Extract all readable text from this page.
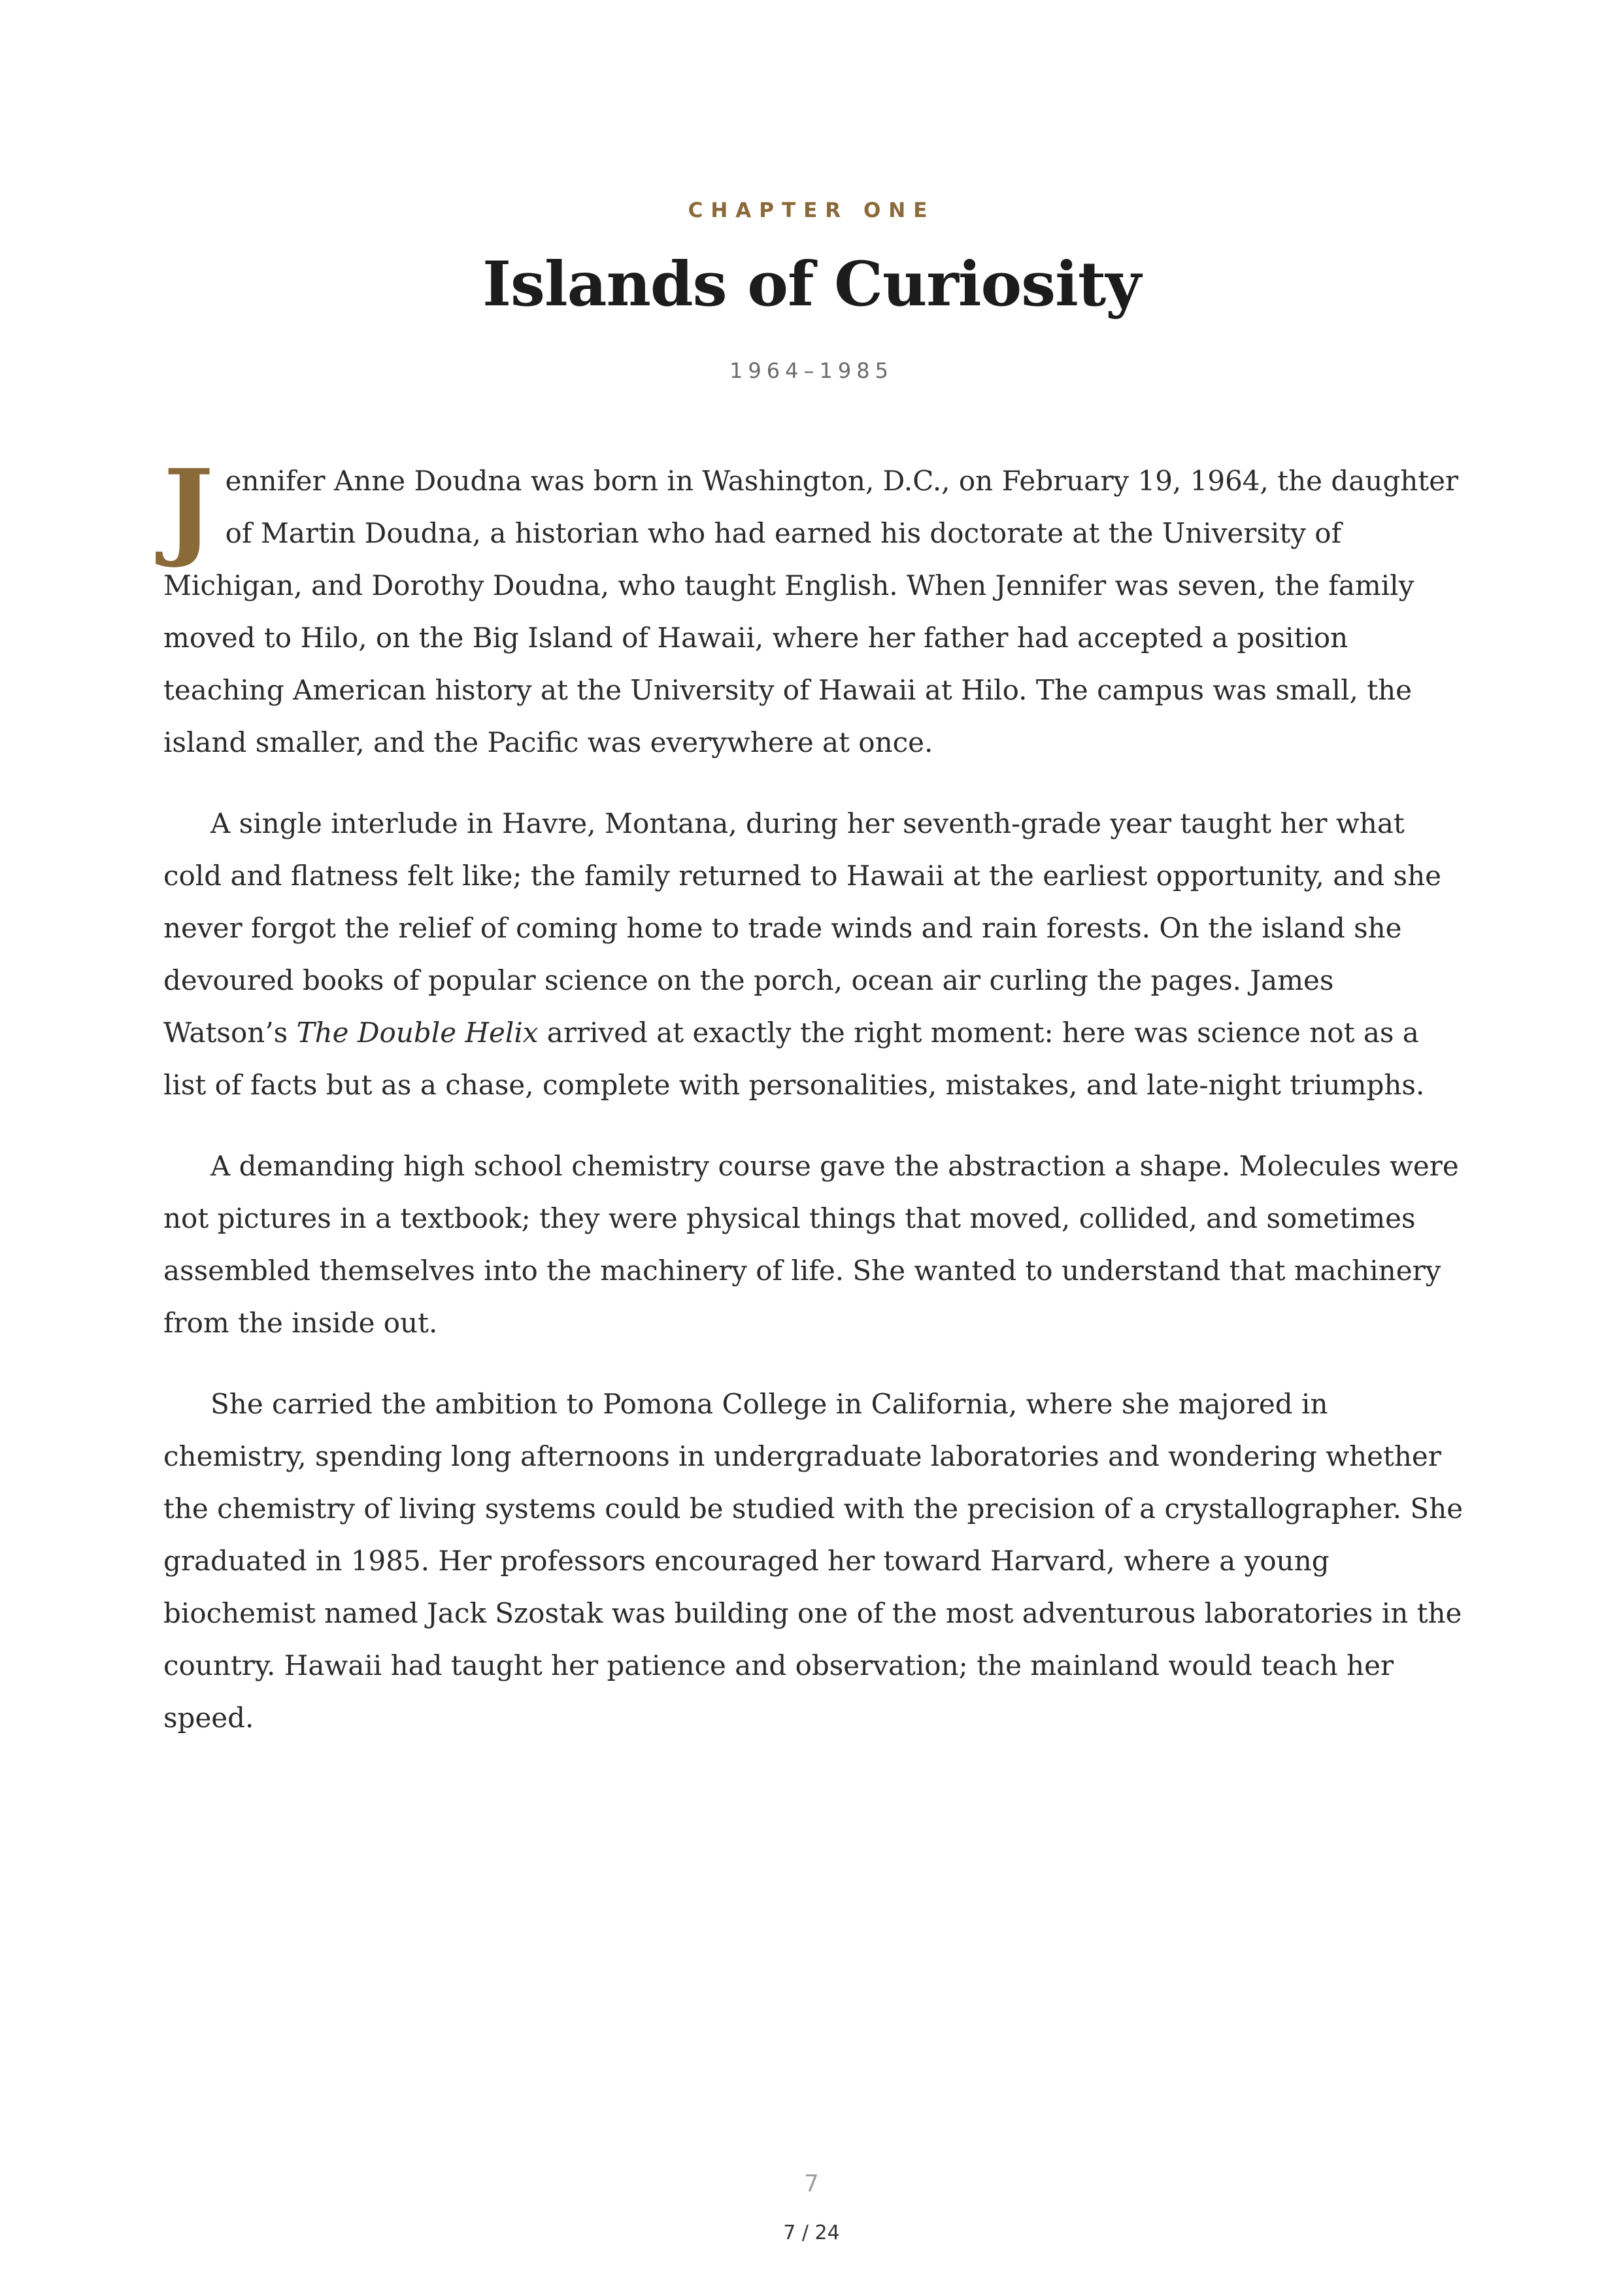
CHAPTER ONE
Islands of Curiosity
1964–1985

Jennifer Anne Doudna was born in Washington, D.C., on February 19, 1964, the daughter of Martin Doudna, a historian who had earned his doctorate at the University of Michigan, and Dorothy Doudna, who taught English. When Jennifer was seven, the family moved to Hilo, on the Big Island of Hawaii, where her father had accepted a position teaching American history at the University of Hawaii at Hilo. The campus was small, the island smaller, and the Pacific was everywhere at once.

A single interlude in Havre, Montana, during her seventh-grade year taught her what cold and flatness felt like; the family returned to Hawaii at the earliest opportunity, and she never forgot the relief of coming home to trade winds and rain forests. On the island she devoured books of popular science on the porch, ocean air curling the pages. James Watson’s The Double Helix arrived at exactly the right moment: here was science not as a list of facts but as a chase, complete with personalities, mistakes, and late-night triumphs.

A demanding high school chemistry course gave the abstraction a shape. Molecules were not pictures in a textbook; they were physical things that moved, collided, and sometimes assembled themselves into the machinery of life. She wanted to understand that machinery from the inside out.

She carried the ambition to Pomona College in California, where she majored in chemistry, spending long afternoons in undergraduate laboratories and wondering whether the chemistry of living systems could be studied with the precision of a crystallographer. She graduated in 1985. Her professors encouraged her toward Harvard, where a young biochemist named Jack Szostak was building one of the most adventurous laboratories in the country. Hawaii had taught her patience and observation; the mainland would teach her speed.

7
7 / 24
